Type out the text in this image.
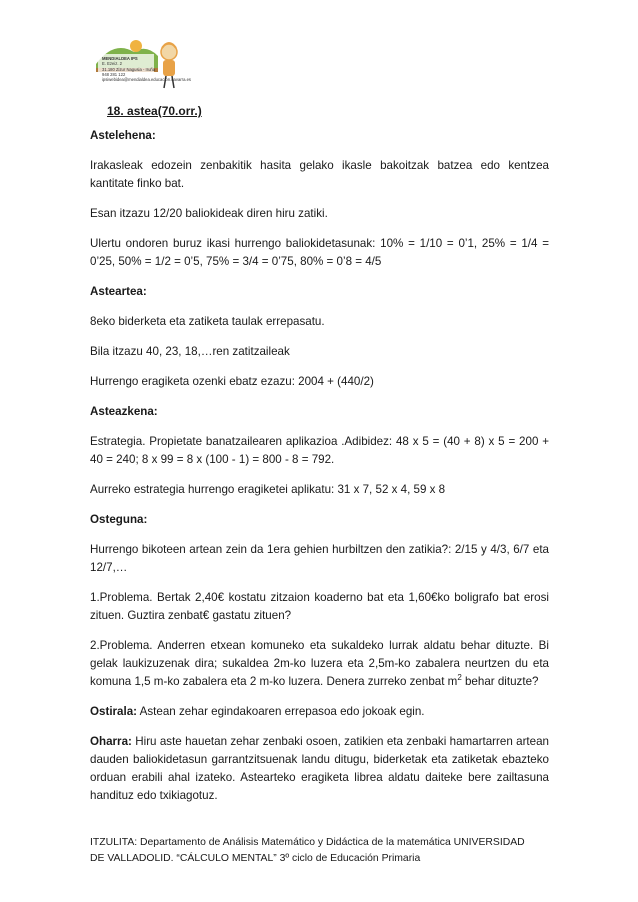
MENDIALDEA IPS
E. Ezeiz. 2
31.180 Zizur Nagusia - Iruña
948 281 122
ipsiwebidea@mendialdea.educacion.navarra.es
18. astea(70.orr.)
Astelehena:

Irakasleak edozein zenbakitik hasita gelako ikasle bakoitzak batzea edo kentzea kantitate finko bat.

Esan itzazu 12/20 baliokideak diren hiru zatiki.

Ulertu ondoren buruz ikasi hurrengo baliokidetasunak: 10% = 1/10 = 0’1, 25% = 1/4 = 0’25, 50% = 1/2 = 0’5, 75% = 3/4 = 0’75, 80% = 0’8 = 4/5

Asteartea:

8eko biderketa eta zatiketa taulak errepasatu.

Bila itzazu 40, 23, 18,…ren zatitzaileak

Hurrengo eragiketa ozenki ebatz ezazu: 2004 + (440/2)

Asteazkena:

Estrategia. Propietate banatzailearen aplikazioa .Adibidez: 48 x 5 = (40 + 8) x 5 = 200 + 40 = 240; 8 x 99 = 8 x (100 - 1) = 800 - 8 = 792.

Aurreko estrategia hurrengo eragiketei aplikatu: 31 x 7, 52 x 4, 59 x 8

Osteguna:

Hurrengo bikoteen artean zein da 1era gehien hurbiltzen den zatikia?: 2/15 y 4/3, 6/7 eta 12/7,…

1.Problema. Bertak 2,40€ kostatu zitzaion koaderno bat eta 1,60€ko boligrafo bat erosi zituen. Guztira zenbat€ gastatu zituen?

2.Problema. Anderren etxean komuneko eta sukaldeko lurrak aldatu behar dituzte. Bi gelak laukizuzenak dira; sukaldea 2m-ko luzera eta 2,5m-ko zabalera neurtzen du eta komuna 1,5 m-ko zabalera eta 2 m-ko luzera. Denera zurreko zenbat $m^2$ behar dituzte?

Ostirala: Astean zehar egindakoaren errepasoa edo jokoak egin.

Oharra: Hiru aste hauetan zehar zenbaki osoen, zatikien eta zenbaki hamartarren artean dauden baliokidetasun garrantzitsuenak landu ditugu, biderketak eta zatiketak ebazteko orduan erabili ahal izateko. Astearteko eragiketa librea aldatu daiteke bere zailtasuna handituz edo txikiagotuz.

ITZULITA: Departamento de Análisis Matemático y Didáctica de la matemática UNIVERSIDAD
DE VALLADOLID. “CÁLCULO MENTAL” 3º ciclo de Educación Primaria
